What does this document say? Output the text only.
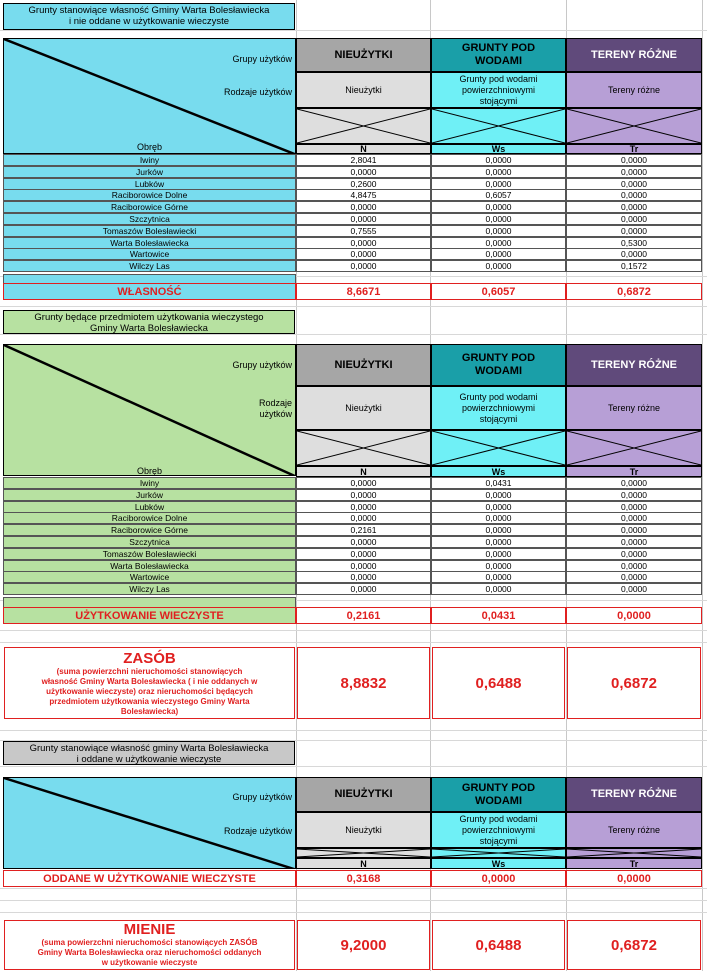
Grunty stanowiące własność Gminy Warta Bolesławiecka
i nie oddane w użytkowanie wieczyste
Grupy użytków
Rodzaje użytków
Obręb
NIEUŻYTKI
GRUNTY POD
WODAMI
TERENY RÓŻNE
Nieużytki
Grunty pod wodami
powierzchniowymi
stojącymi
Tereny różne
N	Ws	Tr
Iwiny	2,8041	0,0000	0,0000
Jurków	0,0000	0,0000	0,0000
Lubków	0,2600	0,0000	0,0000
Raciborowice Dolne	4,8475	0,6057	0,0000
Raciborowice Górne	0,0000	0,0000	0,0000
Szczytnica	0,0000	0,0000	0,0000
Tomaszów Bolesławiecki	0,7555	0,0000	0,0000
Warta Bolesławiecka	0,0000	0,0000	0,5300
Wartowice	0,0000	0,0000	0,0000
Wilczy Las	0,0000	0,0000	0,1572
WŁASNOŚĆ	8,6671	0,6057	0,6872
Grunty będące przedmiotem użytkowania wieczystego
Gminy Warta Bolesławiecka
Grupy użytków
Rodzaje
użytków
Obręb
NIEUŻYTKI
GRUNTY POD
WODAMI
TERENY RÓŻNE
Nieużytki
Grunty pod wodami
powierzchniowymi
stojącymi
Tereny różne
N	Ws	Tr
Iwiny	0,0000	0,0431	0,0000
Jurków	0,0000	0,0000	0,0000
Lubków	0,0000	0,0000	0,0000
Raciborowice Dolne	0,0000	0,0000	0,0000
Raciborowice Górne	0,2161	0,0000	0,0000
Szczytnica	0,0000	0,0000	0,0000
Tomaszów Bolesławiecki	0,0000	0,0000	0,0000
Warta Bolesławiecka	0,0000	0,0000	0,0000
Wartowice	0,0000	0,0000	0,0000
Wilczy Las	0,0000	0,0000	0,0000
UŻYTKOWANIE WIECZYSTE	0,2161	0,0431	0,0000
ZASÓB
(suma powierzchni nieruchomości stanowiących
własność Gminy Warta Bolesławiecka ( i nie oddanych w
użytkowanie wieczyste) oraz nieruchomości będących
przedmiotem użytkowania wieczystego Gminy Warta
Bolesławiecka)
8,8832	0,6488	0,6872
Grunty stanowiące własność gminy Warta Bolesławiecka
i oddane w użytkowanie wieczyste
Grupy użytków
Rodzaje użytków
NIEUŻYTKI
GRUNTY POD
WODAMI
TERENY RÓŻNE
Nieużytki
Grunty pod wodami
powierzchniowymi
stojącymi
Tereny różne
N	Ws	Tr
ODDANE W UŻYTKOWANIE WIECZYSTE	0,3168	0,0000	0,0000
MIENIE
(suma powierzchni nieruchomości stanowiących ZASÓB
Gminy Warta Bolesławiecka oraz nieruchomości oddanych
w użytkowanie wieczyste
9,2000	0,6488	0,6872
